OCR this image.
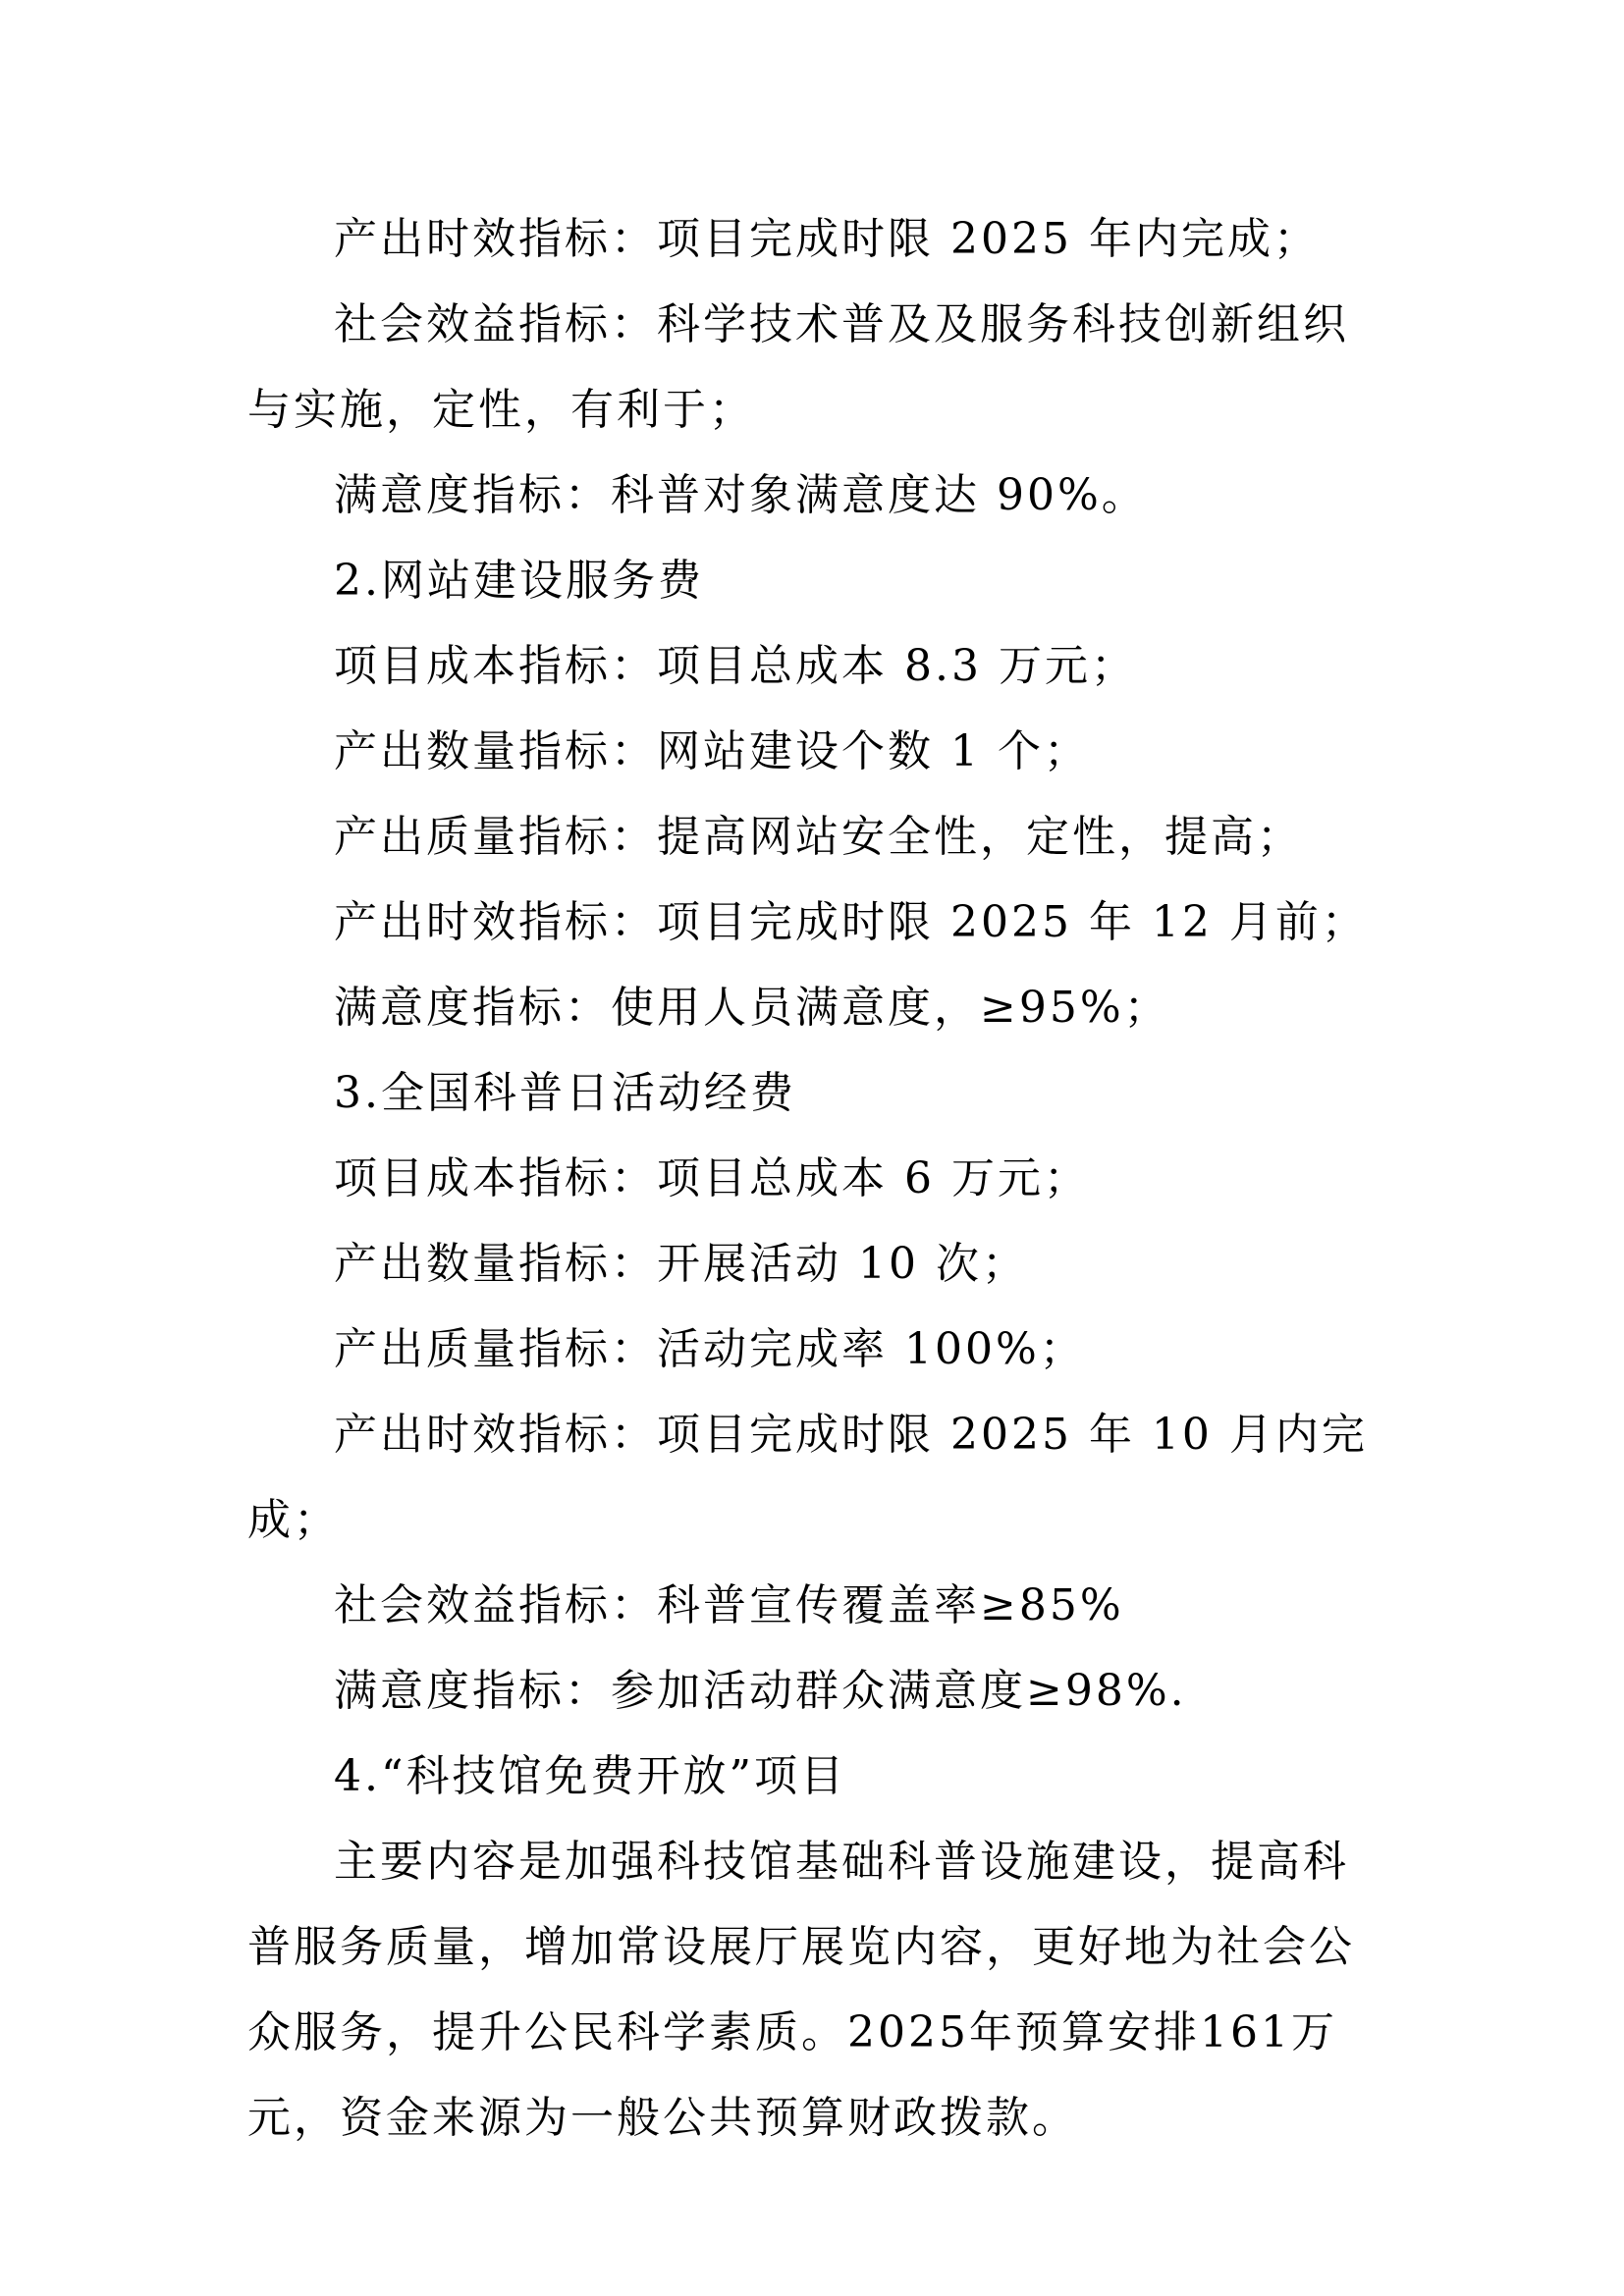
产出时效指标：项目完成时限 2025 年内完成；

社会效益指标：科学技术普及及服务科技创新组织与实施，定性，有利于；

满意度指标：科普对象满意度达 90%。

2.网站建设服务费

项目成本指标：项目总成本 8.3 万元；

产出数量指标：网站建设个数 1 个；

产出质量指标：提高网站安全性，定性，提高；

产出时效指标：项目完成时限 2025 年 12 月前；

满意度指标：使用人员满意度，≥95%；

3.全国科普日活动经费

项目成本指标：项目总成本 6 万元；

产出数量指标：开展活动 10 次；

产出质量指标：活动完成率 100%；

产出时效指标：项目完成时限 2025 年 10 月内完成；

社会效益指标：科普宣传覆盖率≥85%

满意度指标：参加活动群众满意度≥98%.

4.“科技馆免费开放”项目

主要内容是加强科技馆基础科普设施建设，提高科普服务质量，增加常设展厅展览内容，更好地为社会公众服务，提升公民科学素质。2025年预算安排161万元，资金来源为一般公共预算财政拨款。
